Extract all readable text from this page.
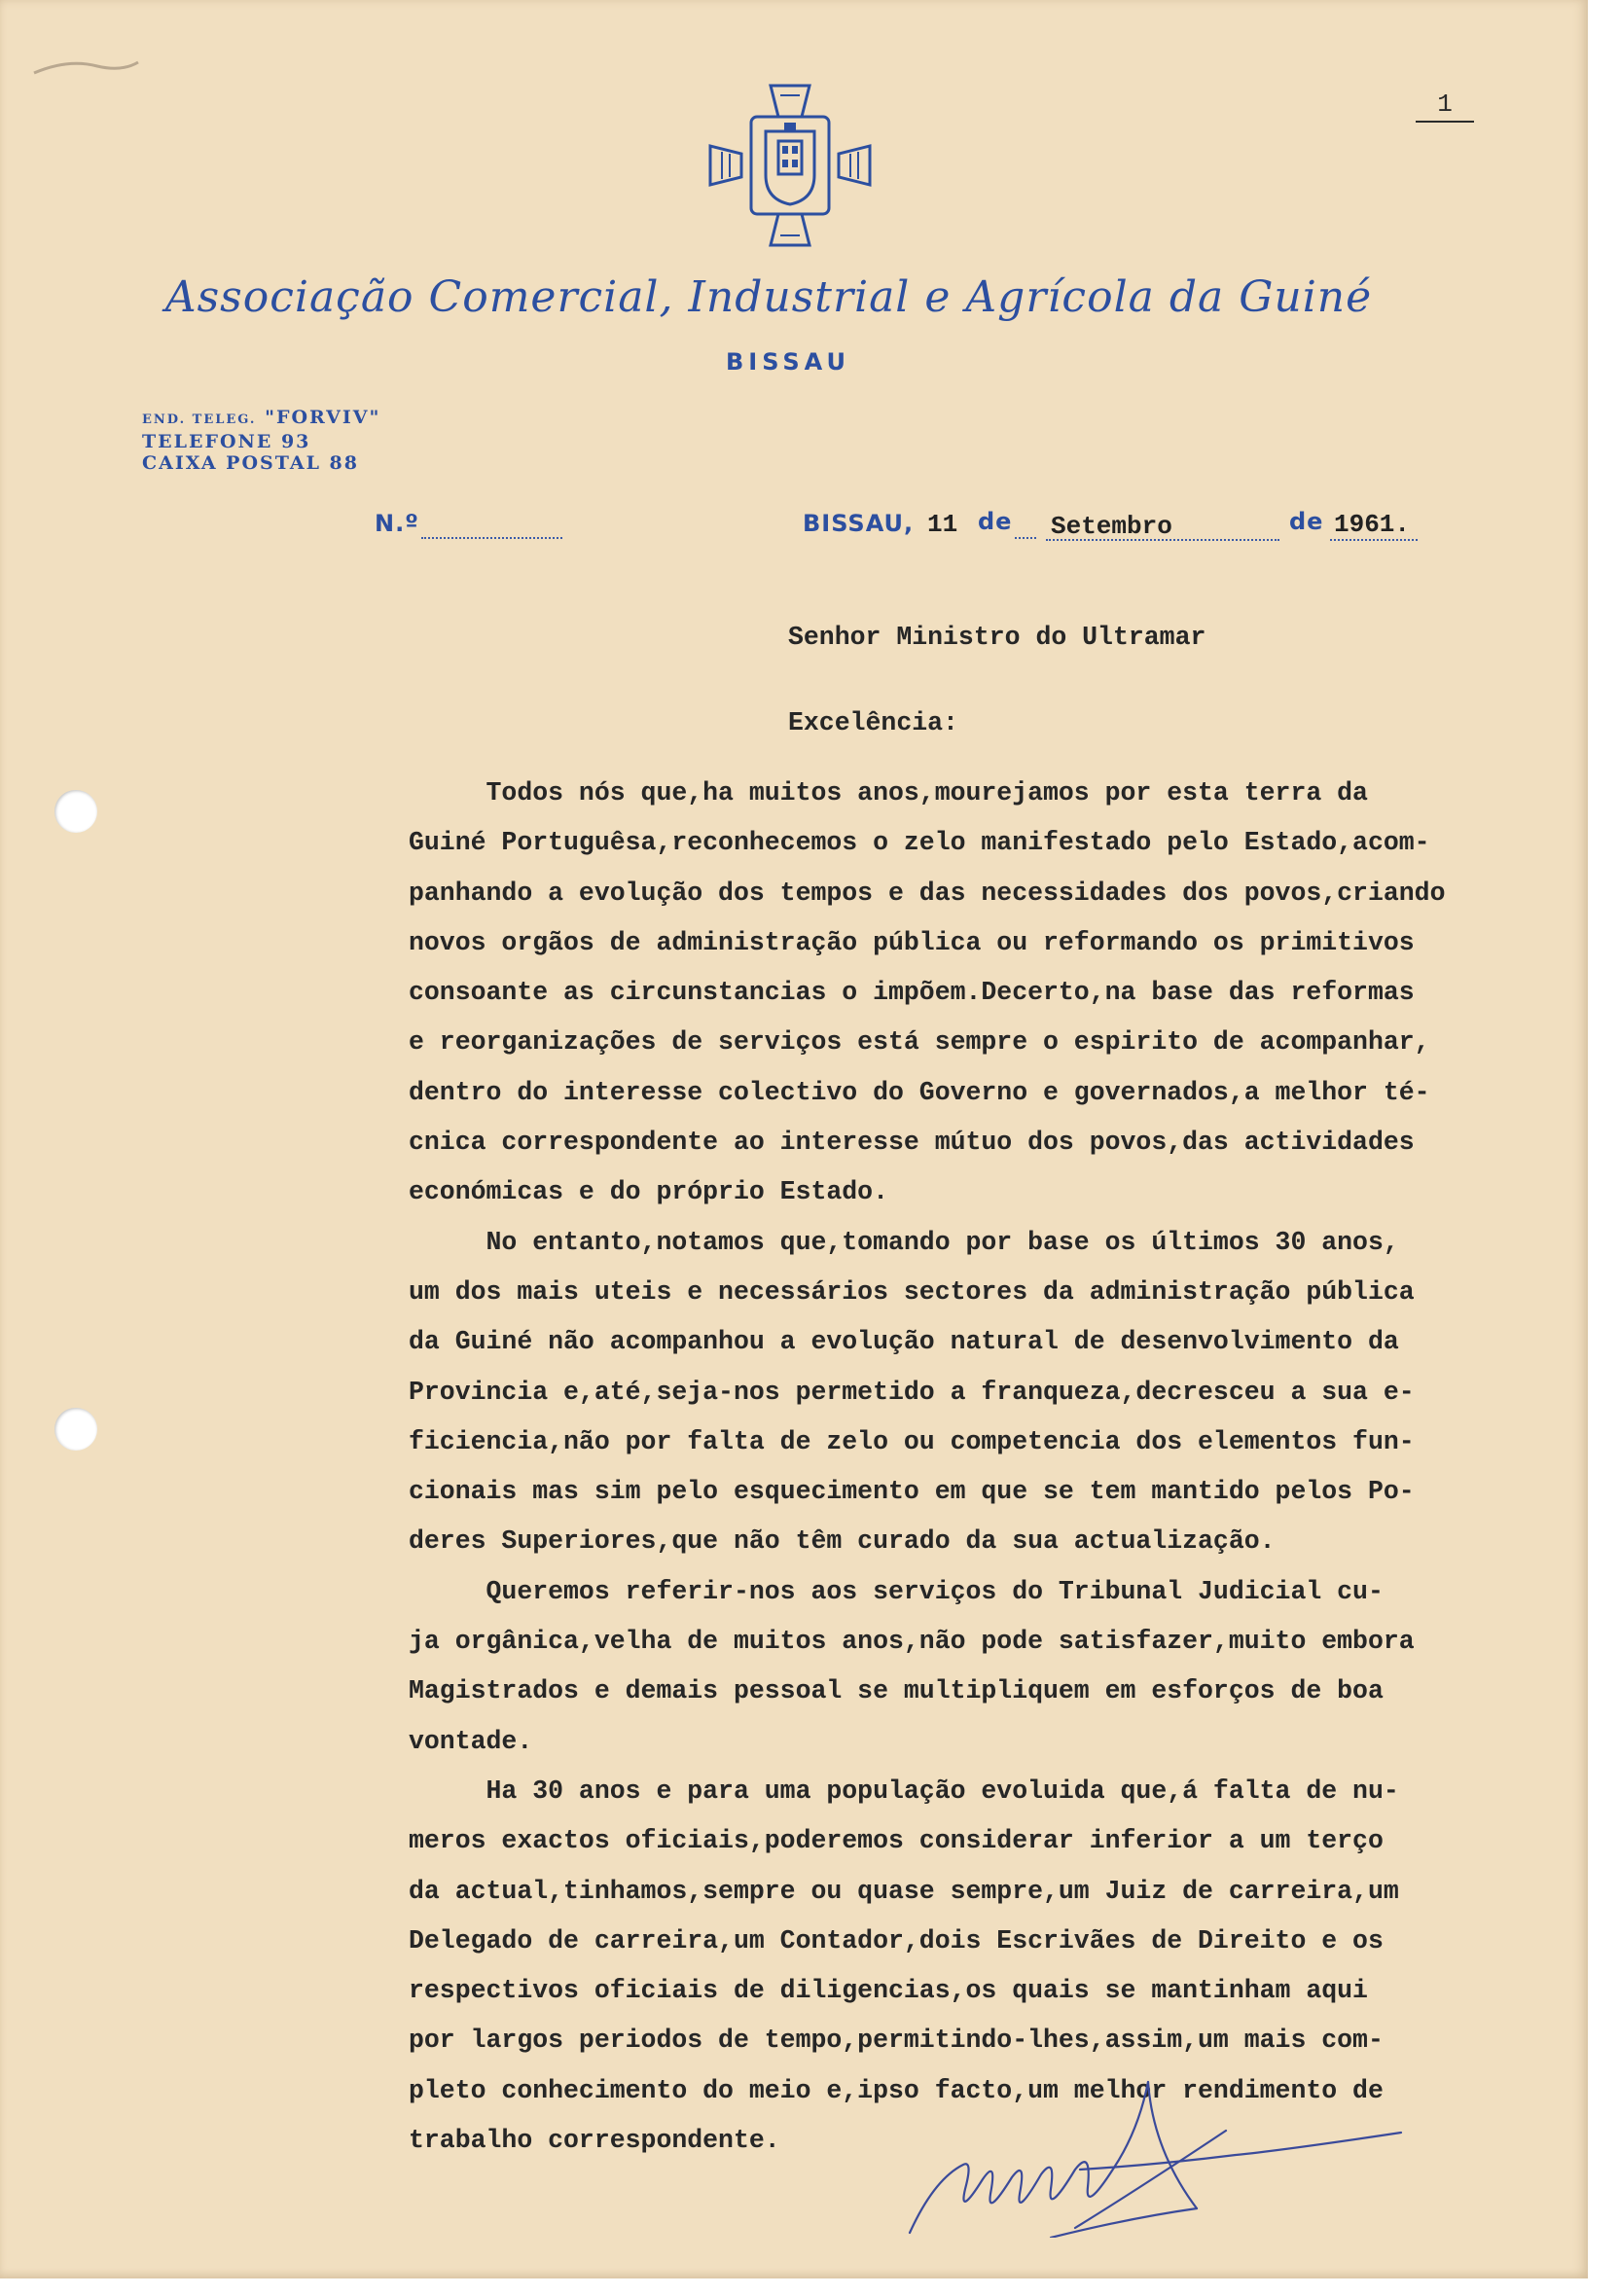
1
Associação Comercial, Industrial e Agrícola da Guiné
BISSAU
END. TELEG. "FORVIV"
TELEFONE 93
CAIXA POSTAL 88
N.º	BISSAU, 11 de Setembro	de 1961.
Senhor Ministro do Ultramar
Excelência:
Todos nós que,ha muitos anos,mourejamos por esta terra da
Guiné Portuguêsa,reconhecemos o zelo manifestado pelo Estado,acom-
panhando a evolução dos tempos e das necessidades dos povos,criando
novos orgãos de administração pública ou reformando os primitivos
consoante as circunstancias o impõem.Decerto,na base das reformas
e reorganizações de serviços está sempre o espirito de acompanhar,
dentro do interesse colectivo do Governo e governados,a melhor té-
cnica correspondente ao interesse mútuo dos povos,das actividades
económicas e do próprio Estado.
No entanto,notamos que,tomando por base os últimos 30 anos,
um dos mais uteis e necessários sectores da administração pública
da Guiné não acompanhou a evolução natural de desenvolvimento da
Provincia e,até,seja-nos permetido a franqueza,decresceu a sua e-
ficiencia,não por falta de zelo ou competencia dos elementos fun-
cionais mas sim pelo esquecimento em que se tem mantido pelos Po-
deres Superiores,que não têm curado da sua actualização.
Queremos referir-nos aos serviços do Tribunal Judicial cu-
ja orgânica,velha de muitos anos,não pode satisfazer,muito embora
Magistrados e demais pessoal se multipliquem em esforços de boa
vontade.
Ha 30 anos e para uma população evoluida que,á falta de nu-
meros exactos oficiais,poderemos considerar inferior a um terço
da actual,tinhamos,sempre ou quase sempre,um Juiz de carreira,um
Delegado de carreira,um Contador,dois Escrivães de Direito e os
respectivos oficiais de diligencias,os quais se mantinham aqui
por largos periodos de tempo,permitindo-lhes,assim,um mais com-
pleto conhecimento do meio e,ipso facto,um melhor rendimento de
trabalho correspondente.
